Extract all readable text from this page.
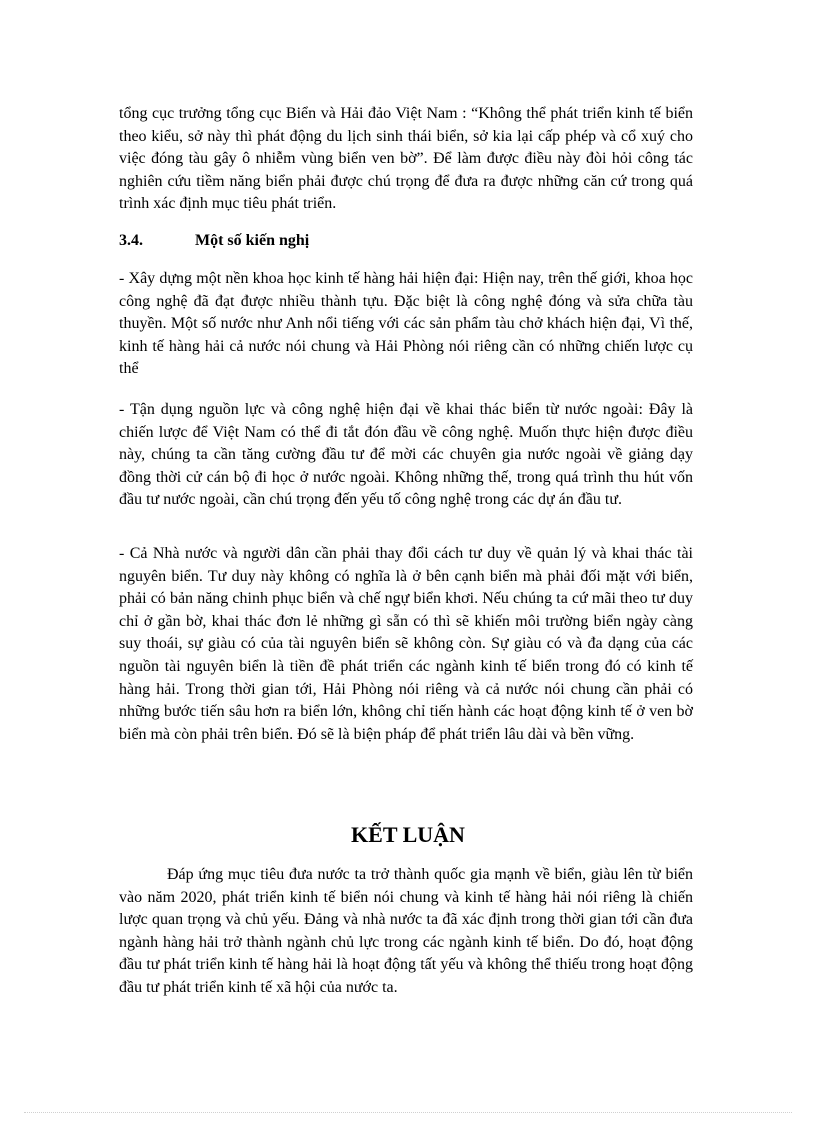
tổng cục trưởng tổng cục Biển và Hải đảo Việt Nam : “Không thể phát triển kinh tế biển theo kiểu, sở này thì phát động du lịch sinh thái biển, sở kia lại cấp phép và cổ xuý cho việc đóng tàu gây ô nhiễm vùng biển ven bờ”. Để làm được điều này đòi hỏi công tác nghiên cứu tiềm năng biển phải được chú trọng để đưa ra được những căn cứ trong quá trình xác định mục tiêu phát triển.

3.4.	Một số kiến nghị

- Xây dựng một nền khoa học kinh tế hàng hải hiện đại: Hiện nay, trên thế giới, khoa học công nghệ đã đạt được nhiều thành tựu. Đặc biệt là công nghệ đóng và sửa chữa tàu thuyền. Một số nước như Anh nổi tiếng với các sản phẩm tàu chở khách hiện đại, Vì thế, kinh tế hàng hải cả nước nói chung và Hải Phòng nói riêng cần có những chiến lược cụ thể

- Tận dụng nguồn lực và công nghệ hiện đại về khai thác biển từ nước ngoài: Đây là chiến lược để Việt Nam có thể đi tắt đón đầu về công nghệ. Muốn thực hiện được điều này, chúng ta cần tăng cường đầu tư để mời các chuyên gia nước ngoài về giảng dạy đồng thời cử cán bộ đi học ở nước ngoài. Không những thế, trong quá trình thu hút vốn đầu tư nước ngoài, cần chú trọng đến yếu tố công nghệ trong các dự án đầu tư.

- Cả Nhà nước và người dân cần phải thay đổi cách tư duy về quản lý và khai thác tài nguyên biển. Tư duy này không có nghĩa là ở bên cạnh biển mà phải đối mặt với biển, phải có bản năng chinh phục biển và chế ngự biển khơi. Nếu chúng ta cứ mãi theo tư duy chỉ ở gần bờ, khai thác đơn lẻ những gì sẵn có thì sẽ khiến môi trường biển ngày càng suy thoái, sự giàu có của tài nguyên biển sẽ không còn. Sự giàu có và đa dạng của các nguồn tài nguyên biển là tiền đề phát triển các ngành kinh tế biển trong đó có kinh tế hàng hải. Trong thời gian tới, Hải Phòng nói riêng và cả nước nói chung cần phải có những bước tiến sâu hơn ra biển lớn, không chỉ tiến hành các hoạt động kinh tế ở ven bờ biển mà còn phải trên biển. Đó sẽ là biện pháp để phát triển lâu dài và bền vững.

KẾT LUẬN

Đáp ứng mục tiêu đưa nước ta trở thành quốc gia mạnh về biển, giàu lên từ biển vào năm 2020, phát triển kinh tế biển nói chung và kinh tế hàng hải nói riêng là chiến lược quan trọng và chủ yếu. Đảng và nhà nước ta đã xác định trong thời gian tới cần đưa ngành hàng hải trở thành ngành chủ lực trong các ngành kinh tế biển. Do đó, hoạt động đầu tư phát triển kinh tế hàng hải là hoạt động tất yếu và không thể thiếu trong hoạt động đầu tư phát triển kinh tế xã hội của nước ta.
